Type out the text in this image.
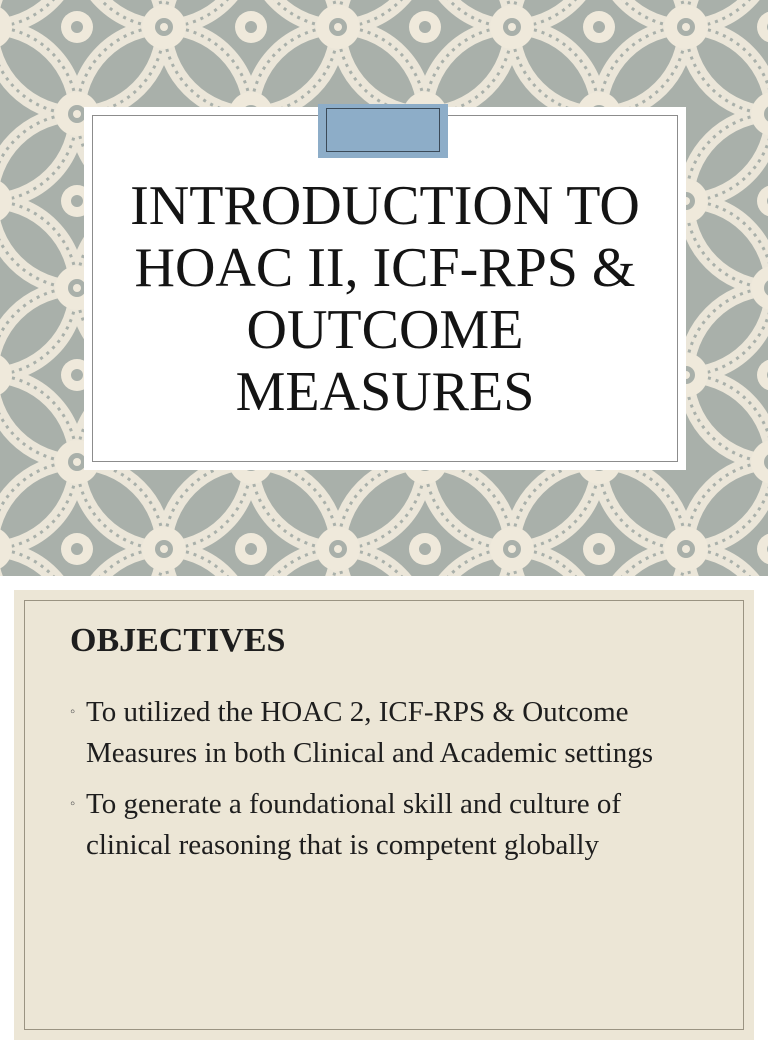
INTRODUCTION TO HOAC II, ICF-RPS & OUTCOME MEASURES
OBJECTIVES
◦ To utilized the HOAC 2, ICF-RPS & Outcome Measures in both Clinical and Academic settings
◦ To generate a foundational skill and culture of clinical reasoning that is competent globally
